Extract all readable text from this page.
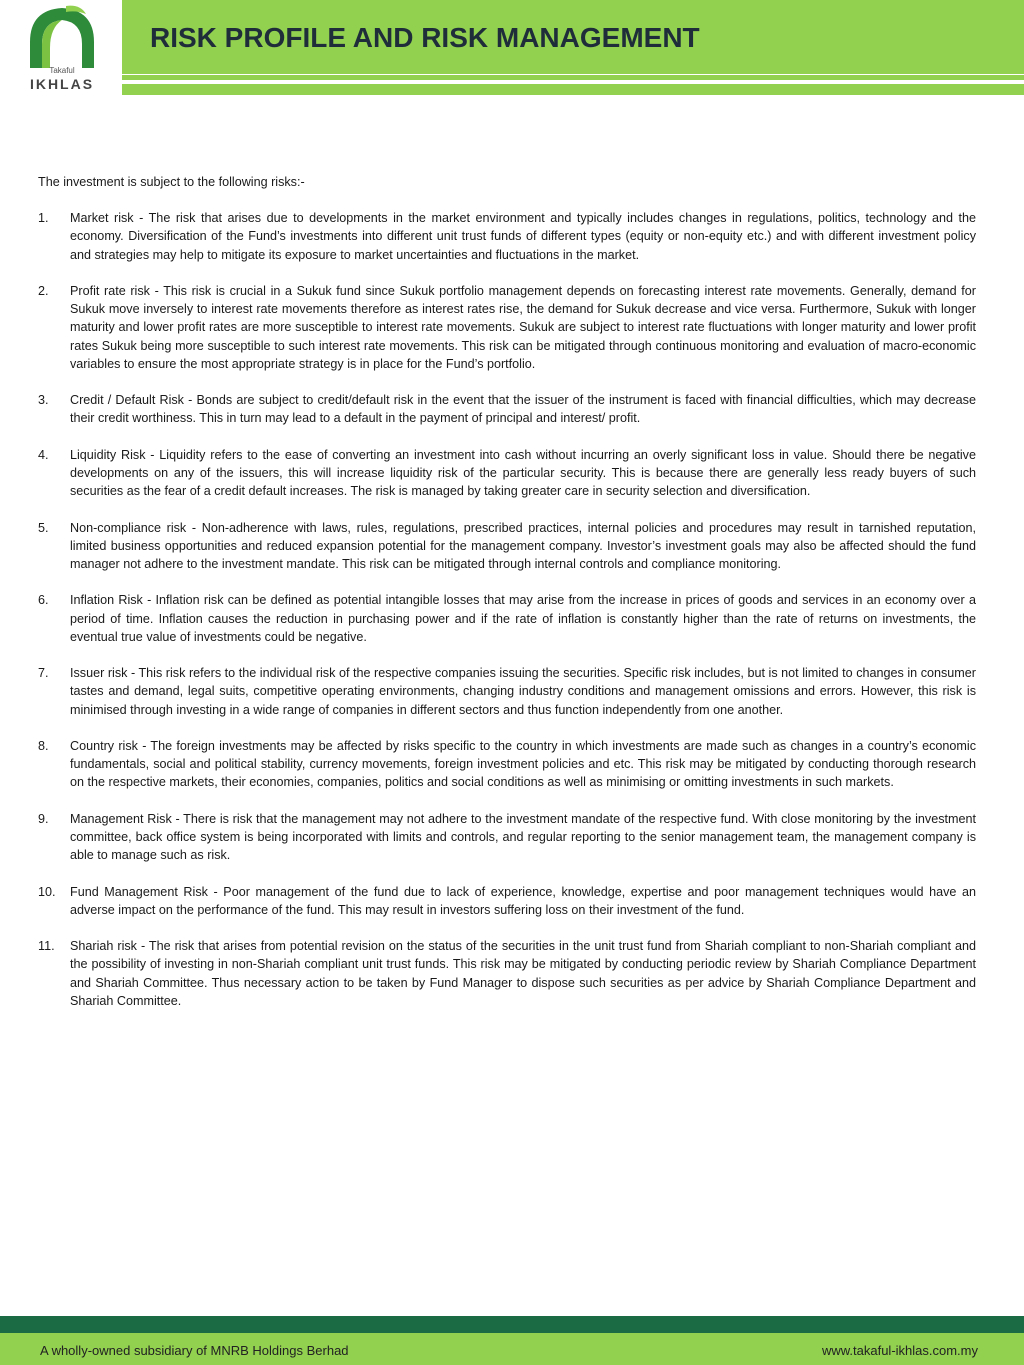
Takaful
IKHLAS
RISK PROFILE AND RISK MANAGEMENT

The investment is subject to the following risks:-

1.	Market risk - The risk that arises due to developments in the market environment and typically includes changes in regulations, politics, technology and the economy. Diversification of the Fund’s investments into different unit trust funds of different types (equity or non-equity etc.) and with different investment policy and strategies may help to mitigate its exposure to market uncertainties and fluctuations in the market.
2.	Profit rate risk - This risk is crucial in a Sukuk fund since Sukuk portfolio management depends on forecasting interest rate movements. Generally, demand for Sukuk move inversely to interest rate movements therefore as interest rates rise, the demand for Sukuk decrease and vice versa. Furthermore, Sukuk with longer maturity and lower profit rates are more susceptible to interest rate movements. Sukuk are subject to interest rate fluctuations with longer maturity and lower profit rates Sukuk being more susceptible to such interest rate movements. This risk can be mitigated through continuous monitoring and evaluation of macro-economic variables to ensure the most appropriate strategy is in place for the Fund’s portfolio.
3.	Credit / Default Risk - Bonds are subject to credit/default risk in the event that the issuer of the instrument is faced with financial difficulties, which may decrease their credit worthiness. This in turn may lead to a default in the payment of principal and interest/ profit.
4.	Liquidity Risk - Liquidity refers to the ease of converting an investment into cash without incurring an overly significant loss in value. Should there be negative developments on any of the issuers, this will increase liquidity risk of the particular security. This is because there are generally less ready buyers of such securities as the fear of a credit default increases. The risk is managed by taking greater care in security selection and diversification.
5.	Non-compliance risk - Non-adherence with laws, rules, regulations, prescribed practices, internal policies and procedures may result in tarnished reputation, limited business opportunities and reduced expansion potential for the management company. Investor’s investment goals may also be affected should the fund manager not adhere to the investment mandate. This risk can be mitigated through internal controls and compliance monitoring.
6.	Inflation Risk - Inflation risk can be defined as potential intangible losses that may arise from the increase in prices of goods and services in an economy over a period of time. Inflation causes the reduction in purchasing power and if the rate of inflation is constantly higher than the rate of returns on investments, the eventual true value of investments could be negative.
7.	Issuer risk - This risk refers to the individual risk of the respective companies issuing the securities. Specific risk includes, but is not limited to changes in consumer tastes and demand, legal suits, competitive operating environments, changing industry conditions and management omissions and errors. However, this risk is minimised through investing in a wide range of companies in different sectors and thus function independently from one another.
8.	Country risk - The foreign investments may be affected by risks specific to the country in which investments are made such as changes in a country’s economic fundamentals, social and political stability, currency movements, foreign investment policies and etc. This risk may be mitigated by conducting thorough research on the respective markets, their economies, companies, politics and social conditions as well as minimising or omitting investments in such markets.
9.	Management Risk - There is risk that the management may not adhere to the investment mandate of the respective fund. With close monitoring by the investment committee, back office system is being incorporated with limits and controls, and regular reporting to the senior management team, the management company is able to manage such as risk.
10.	Fund Management Risk - Poor management of the fund due to lack of experience, knowledge, expertise and poor management techniques would have an adverse impact on the performance of the fund. This may result in investors suffering loss on their investment of the fund.
11.	Shariah risk - The risk that arises from potential revision on the status of the securities in the unit trust fund from Shariah compliant to non-Shariah compliant and the possibility of investing in non-Shariah compliant unit trust funds. This risk may be mitigated by conducting periodic review by Shariah Compliance Department and Shariah Committee. Thus necessary action to be taken by Fund Manager to dispose such securities as per advice by Shariah Compliance Department and Shariah Committee.
A wholly-owned subsidiary of MNRB Holdings Berhad	www.takaful-ikhlas.com.my
